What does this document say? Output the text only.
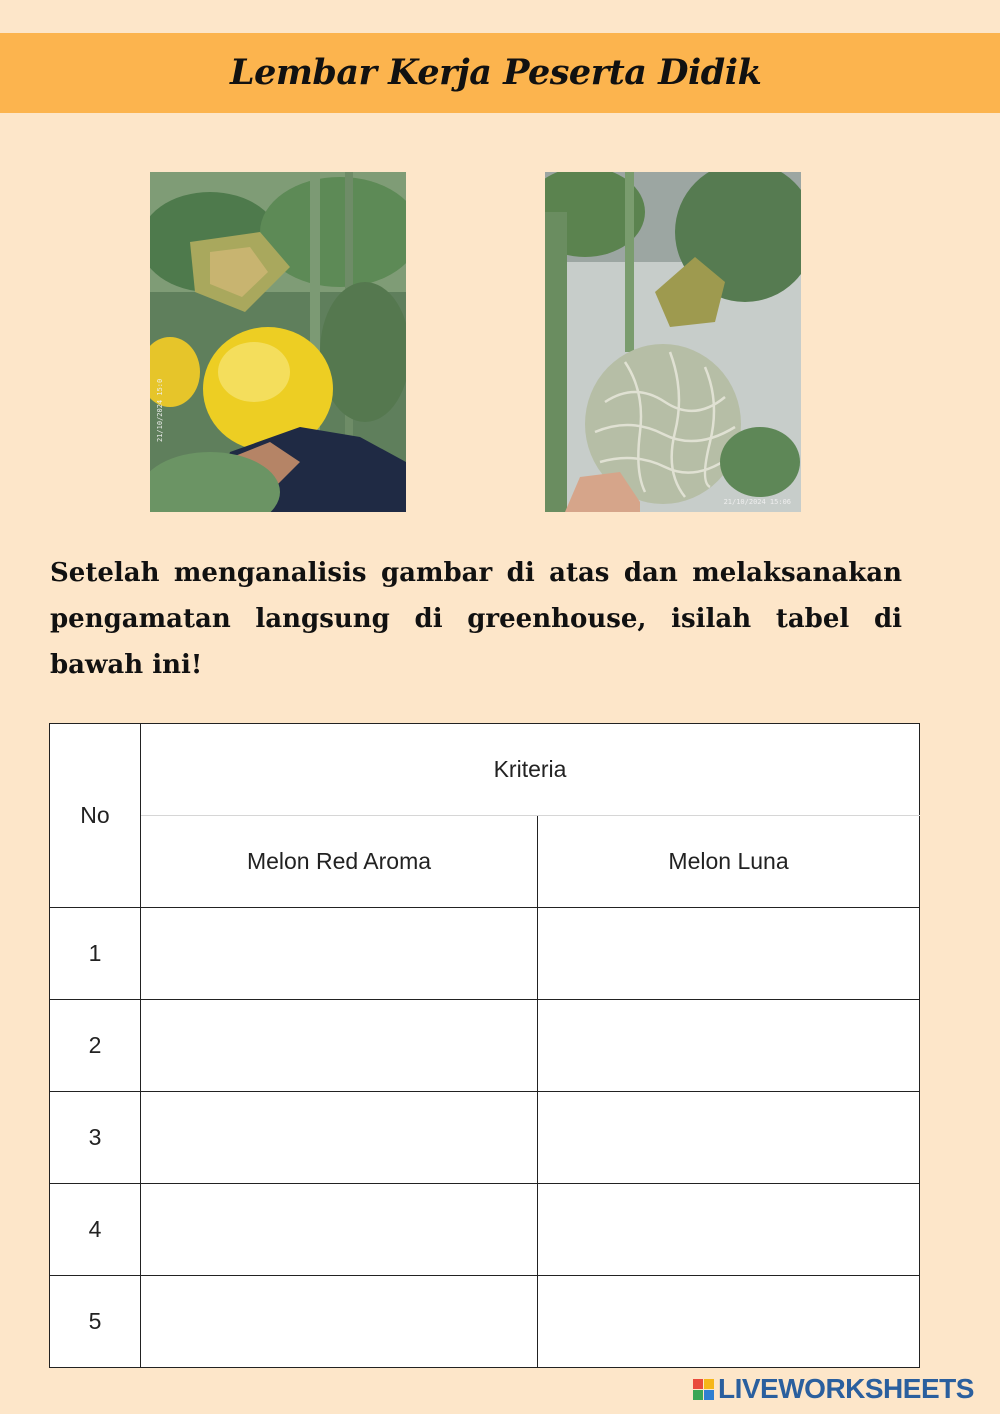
Lembar Kerja Peserta Didik
21/10/2024 15:0
21/10/2024 15:06

Setelah menganalisis gambar di atas dan melaksanakan pengamatan langsung di greenhouse, isilah tabel di bawah ini!

No	Kriteria	
	Melon Red Aroma	Melon Luna
1		
2		
3		
4		
5		
LIVEWORKSHEETS
